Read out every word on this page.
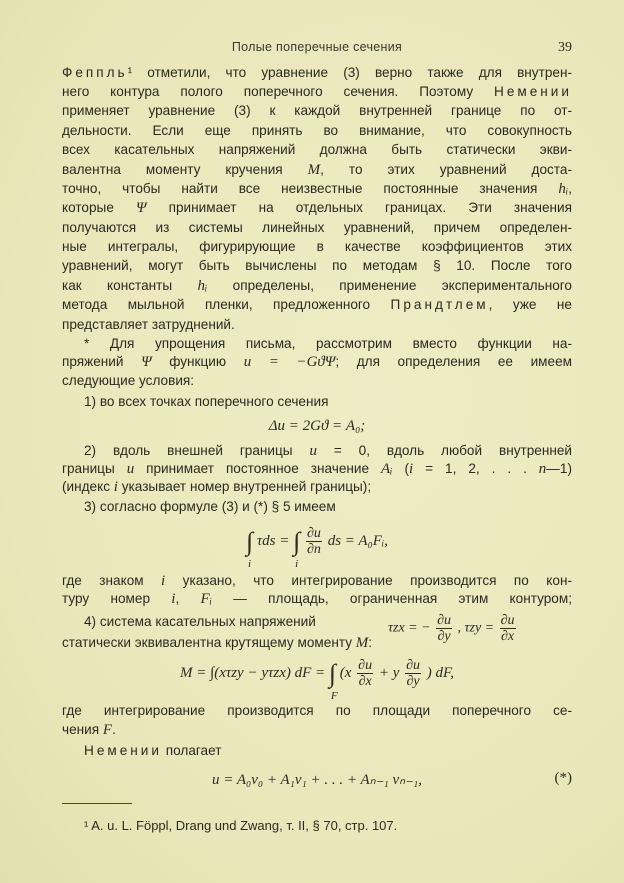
Полые поперечные сечения	39
Феппль¹ отметили, что уравнение (3) верно также для внутрен-
него контура полого поперечного сечения. Поэтому Немении
применяет уравнение (3) к каждой внутренней границе по от-
дельности. Если еще принять во внимание, что совокупность
всех касательных напряжений должна быть статически экви-
валентна моменту кручения M, то этих уравнений доста-
точно, чтобы найти все неизвестные постоянные значения hᵢ,
которые Ψ принимает на отдельных границах. Эти значения
получаются из системы линейных уравнений, причем определен-
ные интегралы, фигурирующие в качестве коэффициентов этих
уравнений, могут быть вычислены по методам § 10. После того
как константы hᵢ определены, применение экспериментального
метода мыльной пленки, предложенного Прандтлем, уже не
представляет затруднений.
* Для упрощения письма, рассмотрим вместо функции на-
пряжений Ψ функцию u = −GϑΨ; для определения ее имеем
следующие условия:
1) во всех точках поперечного сечения
2) вдоль внешней границы u = 0, вдоль любой внутренней
границы u принимает постоянное значение Aᵢ (i = 1, 2, . . . n—1)
(индекс i указывает номер внутренней границы);
3) согласно формуле (3) и (*) § 5 имеем
где знаком i указано, что интегрирование производится по кон-
туру номер i, Fᵢ — площадь, ограниченная этим контуром;
4) система касательных напряжений
статически эквивалентна крутящему моменту M:
где интегрирование производится по площади поперечного се-
чения F.
Немении полагает
Δu = 2Gϑ = A₀;
∫
i
τds = ∫
i

$\frac{\partial u}{\partial n}$ ds = A₀Fᵢ,
τzx = − $\frac{\partial u}{\partial y}$ , $\tau zy = \frac{\partial u}{\partial x}$
M = ∫(xτzy − yτzx) dF = ∫
F
($x \frac{\partial u}{\partial x} + y \frac{\partial u}{\partial y}$ ) dF,
u = A₀v₀ + A₁v₁ + . . . + Aₙ₋₁ vₙ₋₁,	(*)
¹ A. u. L. Föppl, Drang und Zwang, т. II, § 70, стр. 107.
